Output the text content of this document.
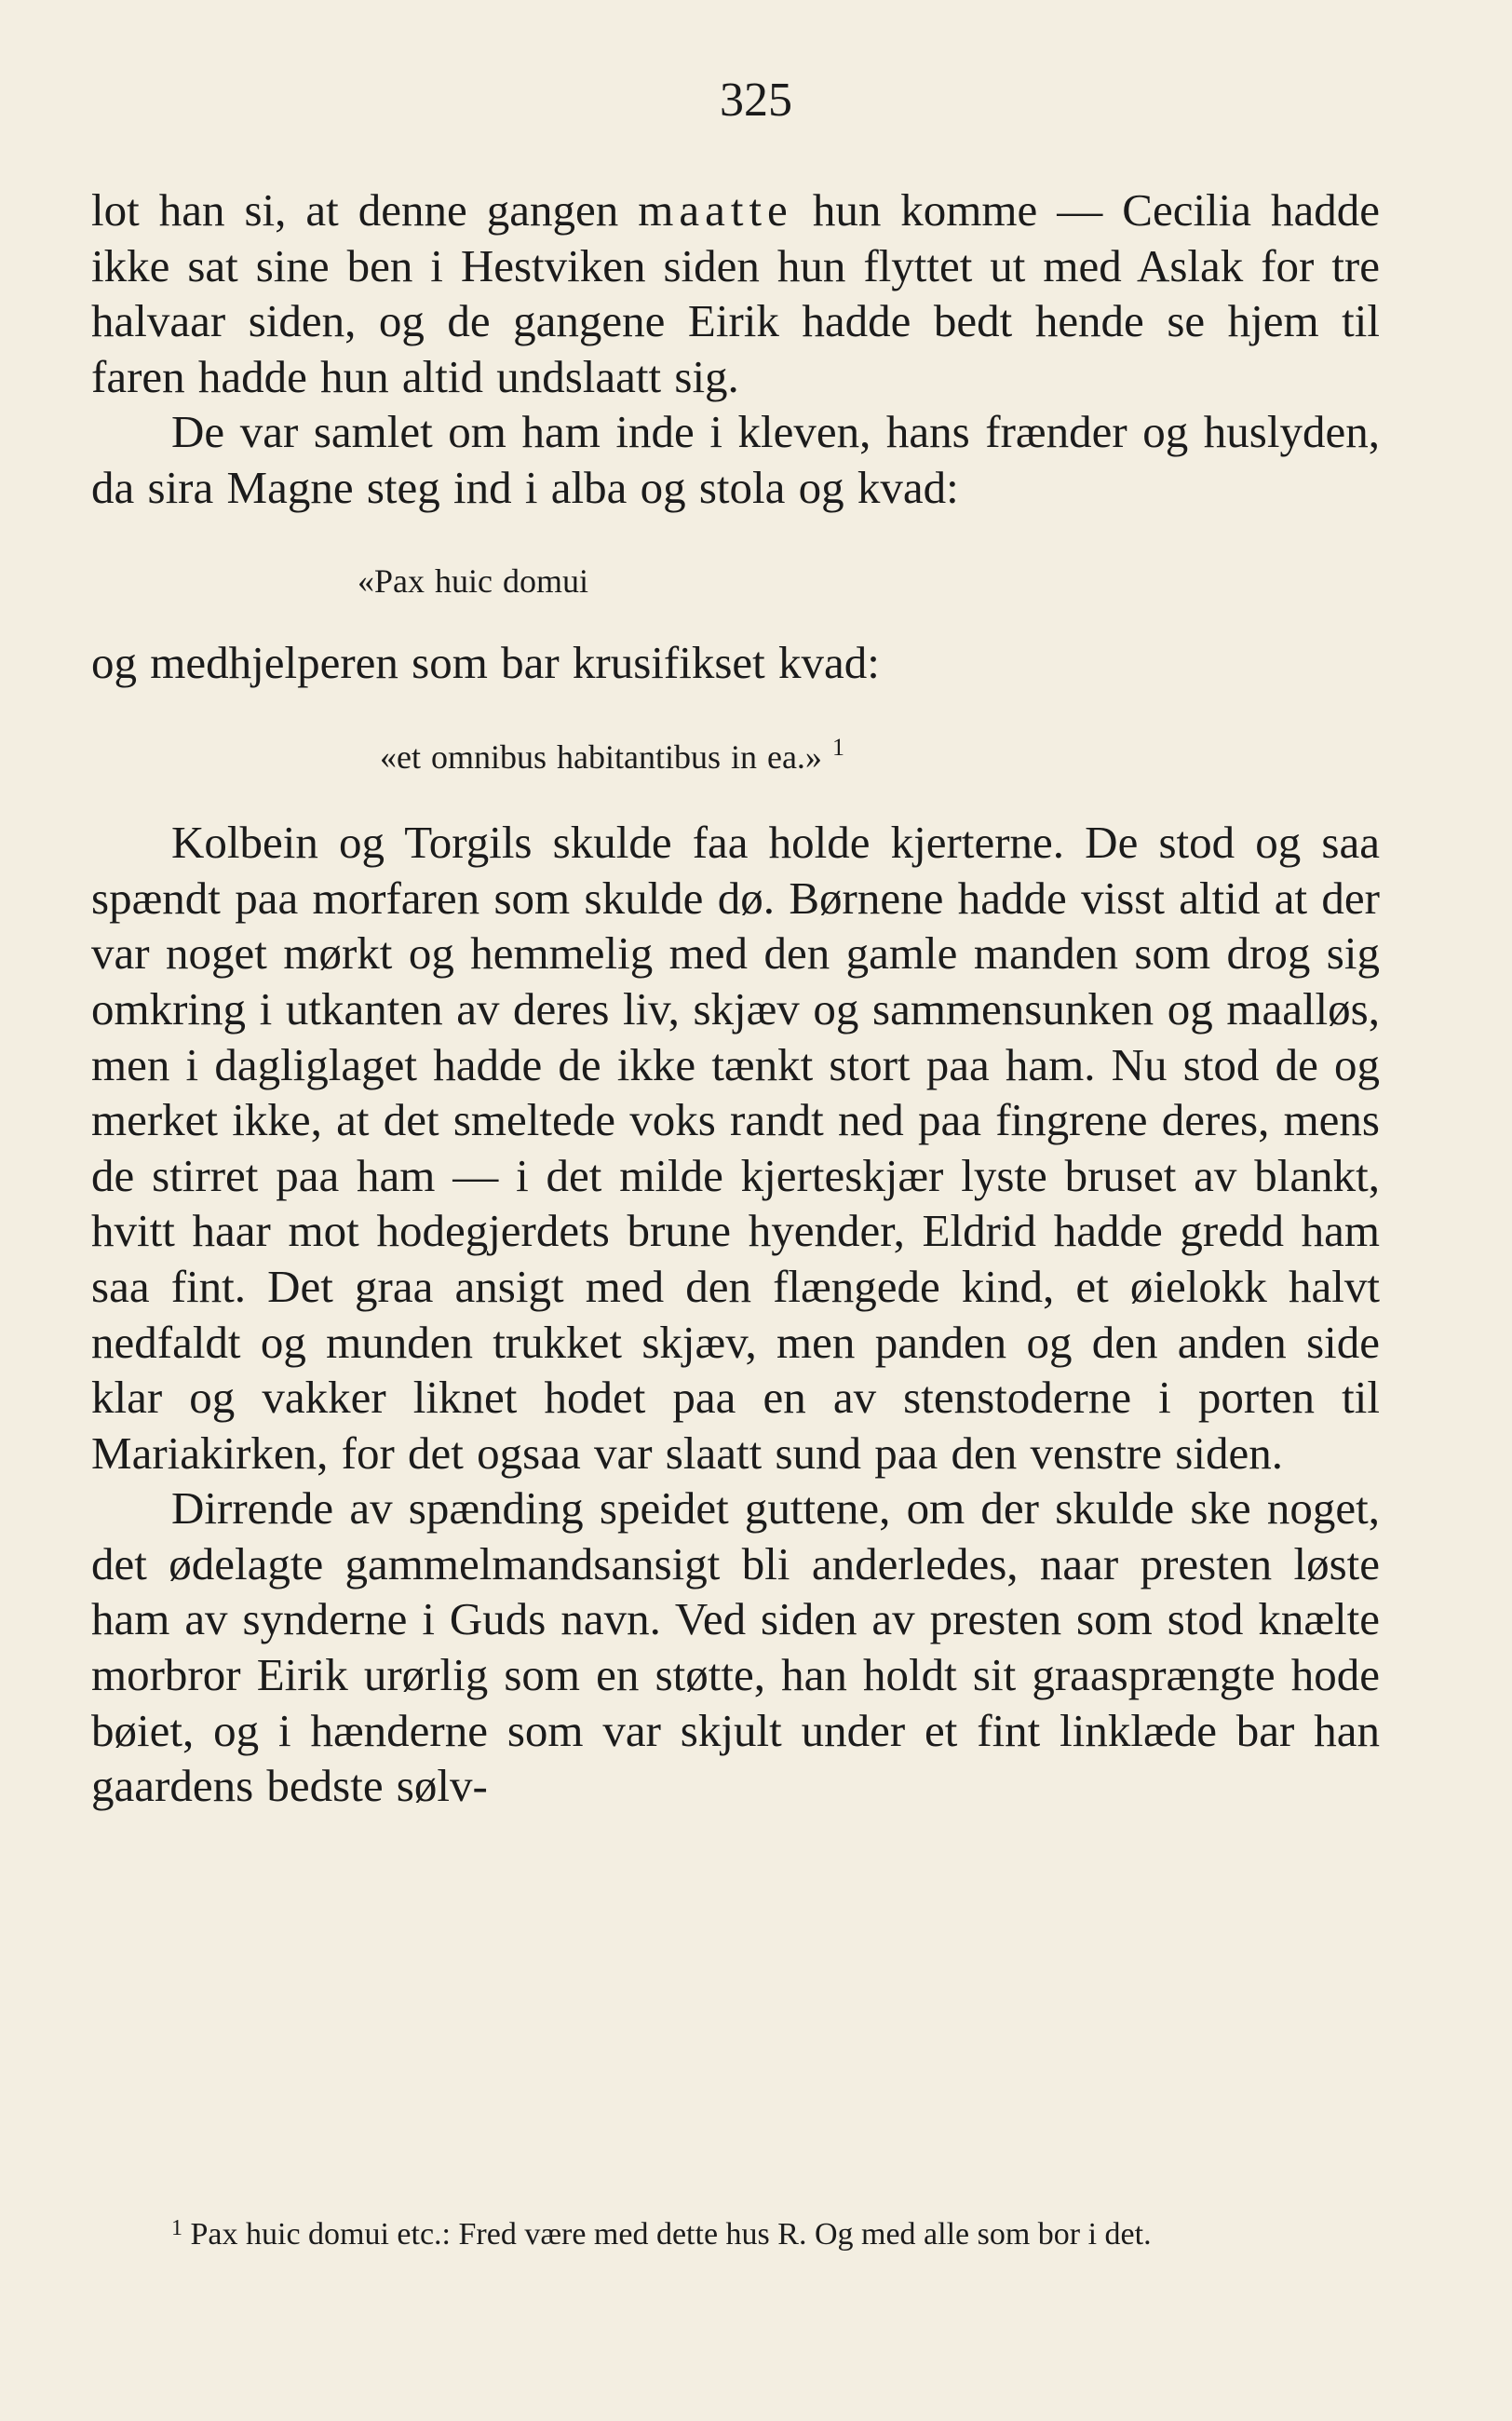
325

lot han si, at denne gangen maatte hun komme — Cecilia hadde ikke sat sine ben i Hestviken siden hun flyttet ut med Aslak for tre halvaar siden, og de gangene Eirik hadde bedt hende se hjem til faren hadde hun altid undslaatt sig.

De var samlet om ham inde i kleven, hans frænder og huslyden, da sira Magne steg ind i alba og stola og kvad:

«Pax huic domui

og medhjelperen som bar krusifikset kvad:

«et omnibus habitantibus in ea.» $^1$

Kolbein og Torgils skulde faa holde kjerterne. De stod og saa spændt paa morfaren som skulde dø. Børnene hadde visst altid at der var noget mørkt og hemmelig med den gamle manden som drog sig omkring i utkanten av deres liv, skjæv og sammensunken og maalløs, men i dagliglaget hadde de ikke tænkt stort paa ham. Nu stod de og merket ikke, at det smeltede voks randt ned paa fingrene deres, mens de stirret paa ham — i det milde kjerteskjær lyste bruset av blankt, hvitt haar mot hodegjerdets brune hyender, Eldrid hadde gredd ham saa fint. Det graa ansigt med den flængede kind, et øielokk halvt nedfaldt og munden trukket skjæv, men panden og den anden side klar og vakker liknet hodet paa en av stenstoderne i porten til Mariakirken, for det ogsaa var slaatt sund paa den venstre siden.

Dirrende av spænding speidet guttene, om der skulde ske noget, det ødelagte gammelmandsansigt bli anderledes, naar presten løste ham av synderne i Guds navn. Ved siden av presten som stod knælte morbror Eirik urørlig som en støtte, han holdt sit graasprængte hode bøiet, og i hænderne som var skjult under et fint linklæde bar han gaardens bedste sølv-

$^1$ Pax huic domui etc.: Fred være med dette hus R. Og med alle som bor i det.
